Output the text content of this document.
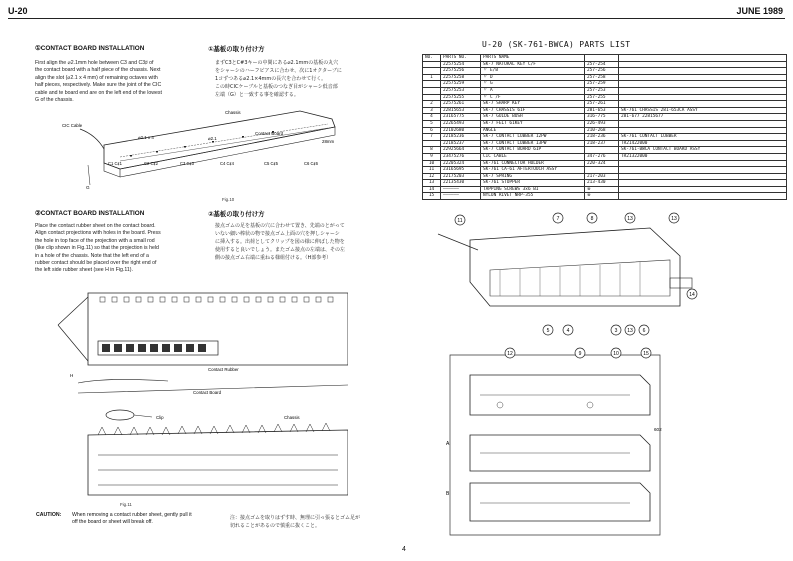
U-20	JUNE 1989
①CONTACT BOARD INSTALLATION	①基板の取り付け方
First align the ⌀2.1mm hole between C3 and C3♯ of
the contact board with a half piece of the chassis. Next
align the slot (⌀2.1 x 4 mm) of remaining octaves with
half pieces, respectively. Make sure the joint of the CIC
cable and te board end are on the left end of the lowest
G of the chassis.
まずC3とC#3キーの中間にある⌀2.1mmの基板の丸穴
をシャーシのハーフピアスに合わせ、次に1オクターブに
1コずつある⌀2.1×4mmの長穴を合わせて行く。
この時CICケーブルと基板のつなぎ目がシャーシ低音部
左端（G）と一致する事を確認する。
CIC Cable
Chassis
Contact Board
⌀2.1 x 4	⌀2.1
28mm
G
C1 C♯1	C2 C♯2	C3 C♯3	C4 C♯4	C5 C♯5	C6 C♯6
Fig.10
②CONTACT BOARD INSTALLATION	②基板の取り付け方
Place the contact rubber sheet on the contact board.
Align contact projections with holes in the board. Press
the hole in top face of the projection with a small rod
(like clip shown in Fig.11) so that the projection is held
in a hole of the chassis. Note that the left end of a
rubber contact should be placed over the right end of
the left side rubber sheet (see H in Fig.11).
接点ゴムの足を基板の穴に合わせて置き、先端のとがって
いない細い棒状の物で接点ゴム上面の穴を押しシャーシ
に挿入する。出荷としてクリップを図の様に伸ばした物を
使用すると良いでしょう。またゴム接点の左端は、その左
側の接点ゴム右端に重ねる様組付ける。（H部参考）
Contact Rubber
Contact Board
Chassis
Clip
H
Fig.11
CAUTION: When removing a contact rubber sheet, gently pull it off the board or sheet will break off.
注：接点ゴムを取りはずす時、無理に引っ張るとゴム足が
切れることがあるので慎重に抜くこと。
4
U-20 (SK-761-BWCA) PARTS LIST
NO.	PARTS NO.	PARTS NAME		
	22575254	SK-7 NATURAL KEY C/F	257-254	
	22575256	〃 E/B	257-256	
1	22575258	〃 D	257-258	
	22575259	〃 G	257-259	
	22575253	〃 A	257-253	
	22575255	〃 C /F	257-255	
2	22575261	SK-7 SHARP KEY	257-261	
3	22815653	SK-7 CHASSIS 61F	281-653	SK-761 CHASSIS 281-653CA ASSY
4	23165775	SK-7 GUIDE BUSH	316-775	281-677 22815677
5	22265493	SK-7 FELT 61KEY	226-493	
6	22102680	ANGLE	210-268	
7	22185236	SK-7 CONTACT LUBBER 12PW	218-236	SK-761 CONTACT LUBBER
	22185237	SK-7 CONTACT LUBBER 13PW	218-237	TR21422000
8	22925664	SK-7 CONTACT BOARD 61P		SK-761-BWCA CONTACT BOARD ASSY
9	23475276	CIC CABLE	347-276	TR21322000
10	22205324	SK-761 CONNECTOR HOLDER	220-324	
11	23165695	SK-761 CA-61 AFTERTOUCH ASSY		
12	22175203	SK-7 SPRING	217-203	
13	22135430	SK-761 STOPPER	213-430	
14	――――――	TAPPING SCREWS 3x6 BI	※	
15	――――――	NYLON RIVET NRP-355	※	
11	7	8	13	13
5	4	3 13 6
14
A
B
602
12	9	10	15
